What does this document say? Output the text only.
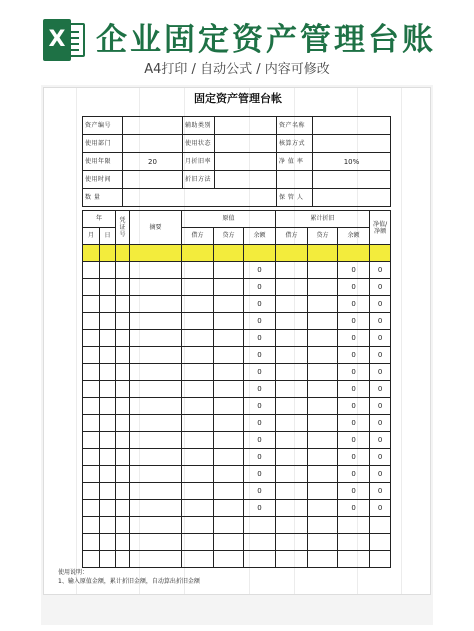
X 企业固定资产管理台账
A4打印 / 自动公式 / 内容可修改
固定资产管理台帐
资产编号		辅助类别		资产名称	
使用部门		使用状态		核算方式	
使用年限	20	月折旧率		净 值 率	10%
使用时间		折旧方法			
数 量				保 管 人	
年		凭证号	摘要	原值			累计折旧			净值/净额
月	日			借方	贷方	余额	借方	贷方	余额	

						0			0	0
						0			0	0
						0			0	0
						0			0	0
						0			0	0
						0			0	0
						0			0	0
						0			0	0
						0			0	0
						0			0	0
						0			0	0
						0			0	0
						0			0	0
						0			0	0
						0			0	0

使用说明：
1、输入原值金额，累计折旧金额，自动算出折旧金额
